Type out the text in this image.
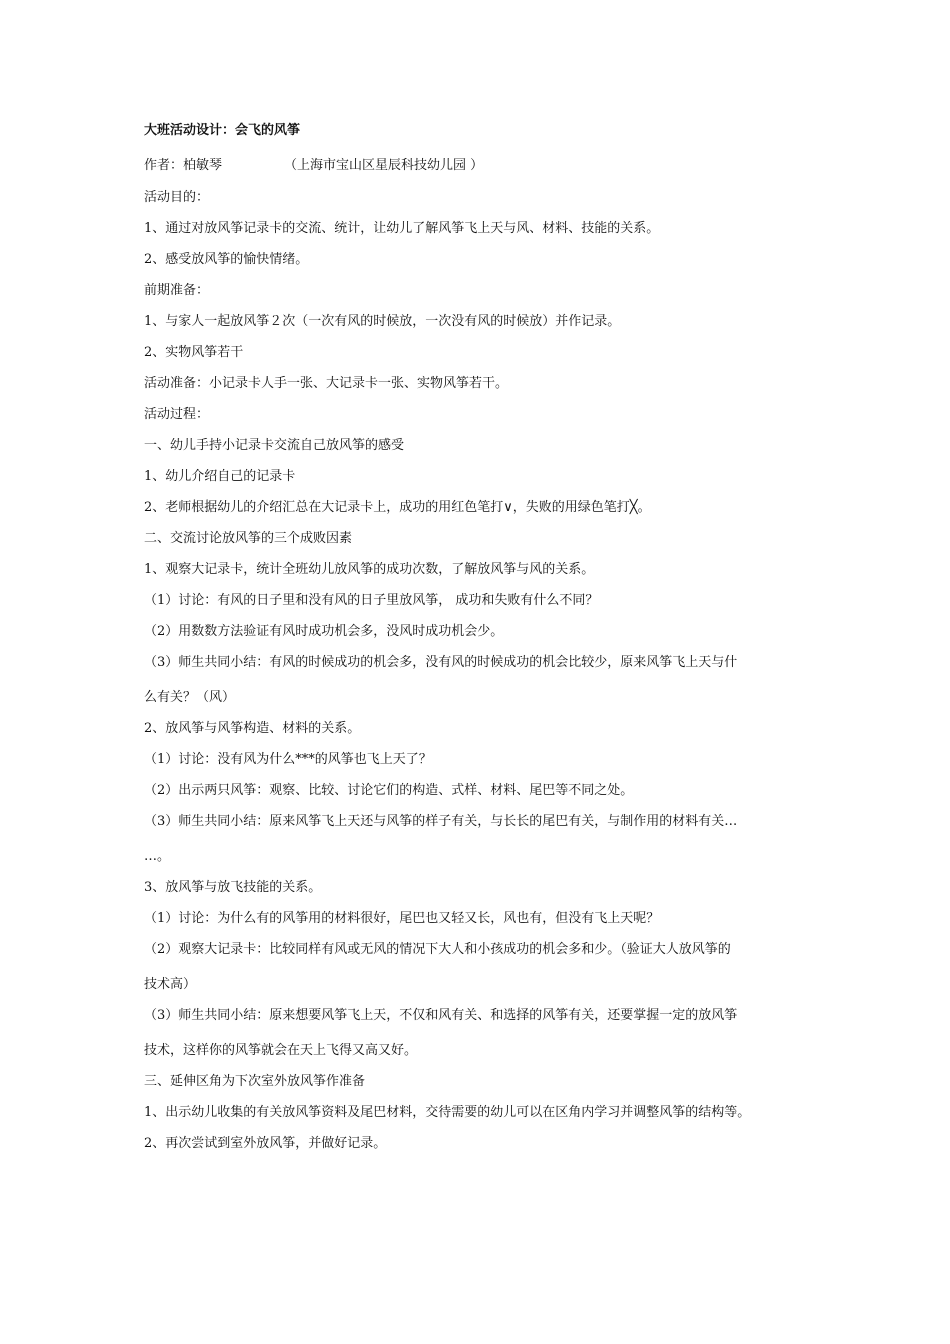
大班活动设计：会飞的风筝

作者：柏敏琴	（上海市宝山区星辰科技幼儿园 ）

活动目的：

1、通过对放风筝记录卡的交流、统计，让幼儿了解风筝飞上天与风、材料、技能的关系。

2、感受放风筝的愉快情绪。

前期准备：

1、与家人一起放风筝２次（一次有风的时候放，一次没有风的时候放）并作记录。

2、实物风筝若干

活动准备：小记录卡人手一张、大记录卡一张、实物风筝若干。

活动过程：

一、幼儿手持小记录卡交流自己放风筝的感受

1、幼儿介绍自己的记录卡

2、老师根据幼儿的介绍汇总在大记录卡上，成功的用红色笔打∨，失败的用绿色笔打╳。

二、交流讨论放风筝的三个成败因素

1、观察大记录卡，统计全班幼儿放风筝的成功次数，了解放风筝与风的关系。

（1）讨论：有风的日子里和没有风的日子里放风筝， 成功和失败有什么不同？

（2）用数数方法验证有风时成功机会多，没风时成功机会少。

（3）师生共同小结：有风的时候成功的机会多，没有风的时候成功的机会比较少，原来风筝飞上天与什

么有关？（风）

2、放风筝与风筝构造、材料的关系。

（1）讨论：没有风为什么***的风筝也飞上天了？

（2）出示两只风筝：观察、比较、讨论它们的构造、式样、材料、尾巴等不同之处。

（3）师生共同小结：原来风筝飞上天还与风筝的样子有关，与长长的尾巴有关，与制作用的材料有关…

…。

3、放风筝与放飞技能的关系。

（1）讨论：为什么有的风筝用的材料很好，尾巴也又轻又长，风也有，但没有飞上天呢？

（2）观察大记录卡：比较同样有风或无风的情况下大人和小孩成功的机会多和少。（验证大人放风筝的

技术高）

（3）师生共同小结：原来想要风筝飞上天，不仅和风有关、和选择的风筝有关，还要掌握一定的放风筝

技术，这样你的风筝就会在天上飞得又高又好。

三、延伸区角为下次室外放风筝作准备

1、出示幼儿收集的有关放风筝资料及尾巴材料，交待需要的幼儿可以在区角内学习并调整风筝的结构等。

2、再次尝试到室外放风筝，并做好记录。
